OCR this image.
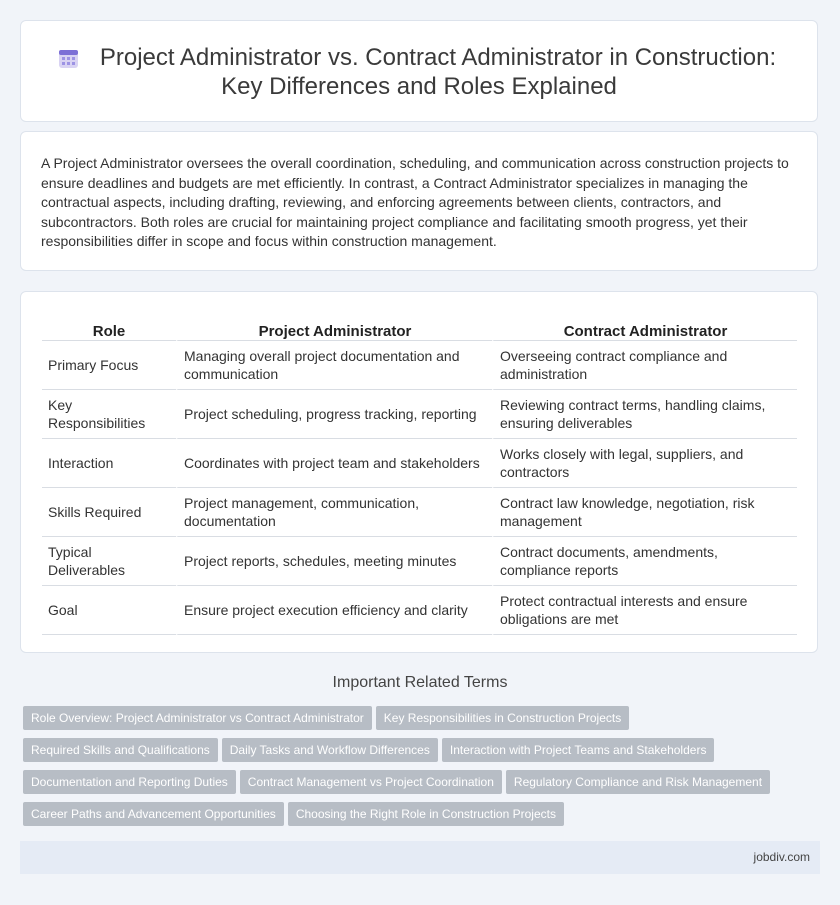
Project Administrator vs. Contract Administrator in Construction:
Key Differences and Roles Explained

A Project Administrator oversees the overall coordination, scheduling, and communication across construction projects to ensure deadlines and budgets are met efficiently. In contrast, a Contract Administrator specializes in managing the contractual aspects, including drafting, reviewing, and enforcing agreements between clients, contractors, and subcontractors. Both roles are crucial for maintaining project compliance and facilitating smooth progress, yet their responsibilities differ in scope and focus within construction management.

Role	Project Administrator	Contract Administrator
Primary Focus	Managing overall project documentation and communication	Overseeing contract compliance and administration
Key Responsibilities	Project scheduling, progress tracking, reporting	Reviewing contract terms, handling claims, ensuring deliverables
Interaction	Coordinates with project team and stakeholders	Works closely with legal, suppliers, and contractors
Skills Required	Project management, communication, documentation	Contract law knowledge, negotiation, risk management
Typical Deliverables	Project reports, schedules, meeting minutes	Contract documents, amendments, compliance reports
Goal	Ensure project execution efficiency and clarity	Protect contractual interests and ensure obligations are met
Important Related Terms
Role Overview: Project Administrator vs Contract Administrator Key Responsibilities in Construction Projects
Required Skills and Qualifications Daily Tasks and Workflow Differences Interaction with Project Teams and Stakeholders
Documentation and Reporting Duties Contract Management vs Project Coordination Regulatory Compliance and Risk Management
Career Paths and Advancement Opportunities Choosing the Right Role in Construction Projects
jobdiv.com
